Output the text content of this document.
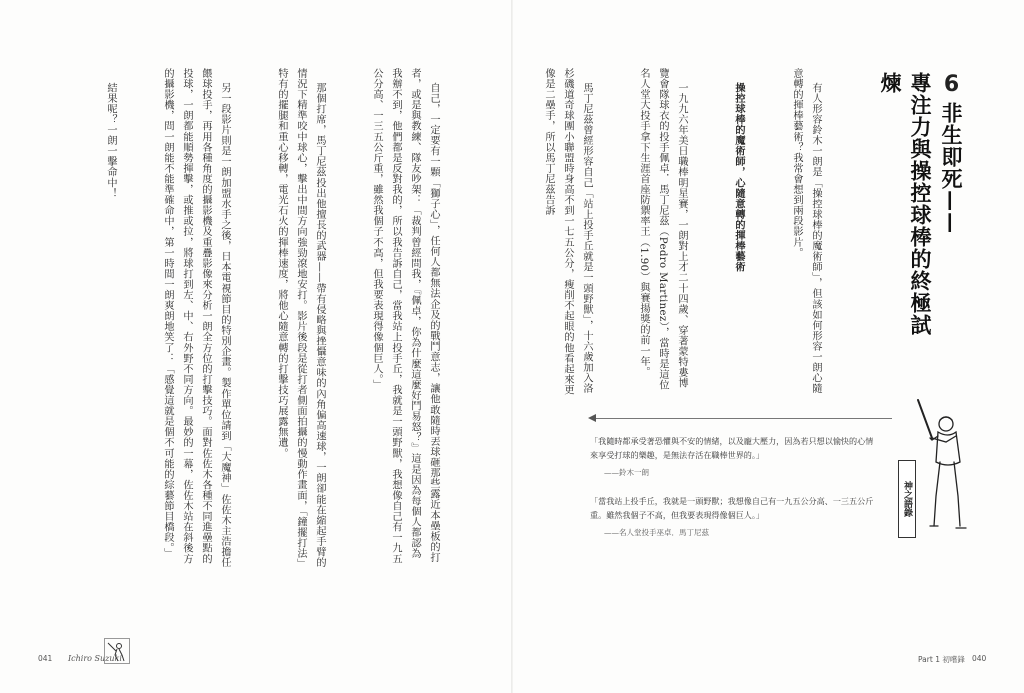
自己，一定要有一顆「獅子心」，任何人都無法企及的戰鬥意志，讓他敢隨時丟球砸那些露近本壘板的打者，或是與教練、隊友吵架：「裁判曾經問我，『佩卓，你為什麼這麼好鬥易怒？』這是因為每個人都認為我辦不到，他們都是反對我的，所以我告訴自己，當我站上投手丘，我就是一頭野獸，我想像自己有一九五公分高、一三五公斤重，雖然我個子不高，但我要表現得像個巨人。」

那個打席，馬丁尼茲投出他擅長的武器——帶有侵略與挫懾意味的內角偏高速球，一朗卻能在縮起手臂的情況下精準咬中球心，擊出中間方向強勁滾地安打。影片後段是從打者側面拍攝的慢動作畫面，「鐘擺打法」特有的擺腿和重心移轉，電光石火的揮棒速度，將他心隨意轉的打擊技巧展露無遺。

另一段影片則是一朗加盟水手之後，日本電視節目的特別企畫。製作單位請到「大魔神」佐佐木主浩擔任餵球投手，再用各種角度的攝影機及重疊影像來分析一朗全方位的打擊技巧。面對佐佐木各種不同進壘點的投球，一朗都能順勢揮擊，或推或拉，將球打到左、中、右外野不同方向。最妙的一幕，佐佐木站在斜後方的攝影機，問一朗能不能準確命中，第一時間一朗爽朗地笑了：「感覺這就是個不可能的綜藝節目橋段。」

結果呢？一朗一擊命中！
	6 非生即死——
專注力與操控球棒的終極試煉

有人形容鈴木一朗是「操控球棒的魔術師」，但該如何形容一朗心隨意轉的揮棒藝術？我常會想到兩段影片。

操控球棒的魔術師，心隨意轉的揮棒藝術

一九九六年美日職棒明星賽，一朗對上才二十四歲、穿著蒙特婁博覽會隊球衣的投手佩卓．馬丁尼茲（Pedro Martinez），當時是這位名人堂大投手拿下生涯首座防禦率王（1.90）與賽揚獎的前一年。

馬丁尼茲曾經形容自己「站上投手丘就是一頭野獸」，十六歲加入洛杉磯道奇球團小聯盟時身高不到一七五公分，瘦削不起眼的他看起來更像是二壘手，所以馬丁尼茲告訴

「我隨時都承受著恐懼與不安的情緒，以及龐大壓力，因為若只想以愉快的心情來享受打球的樂趣，是無法存活在職棒世界的。」

——鈴木一朗

「當我站上投手丘，我就是一頭野獸；我想像自己有一九五公分高、一三五公斤重。雖然我個子不高，但我要表現得像個巨人。」

——名人堂投手巫卓．馬丁尼茲

神之語錄
041 Ichiro Suzuki	Part 1 初嚐鋒 040
